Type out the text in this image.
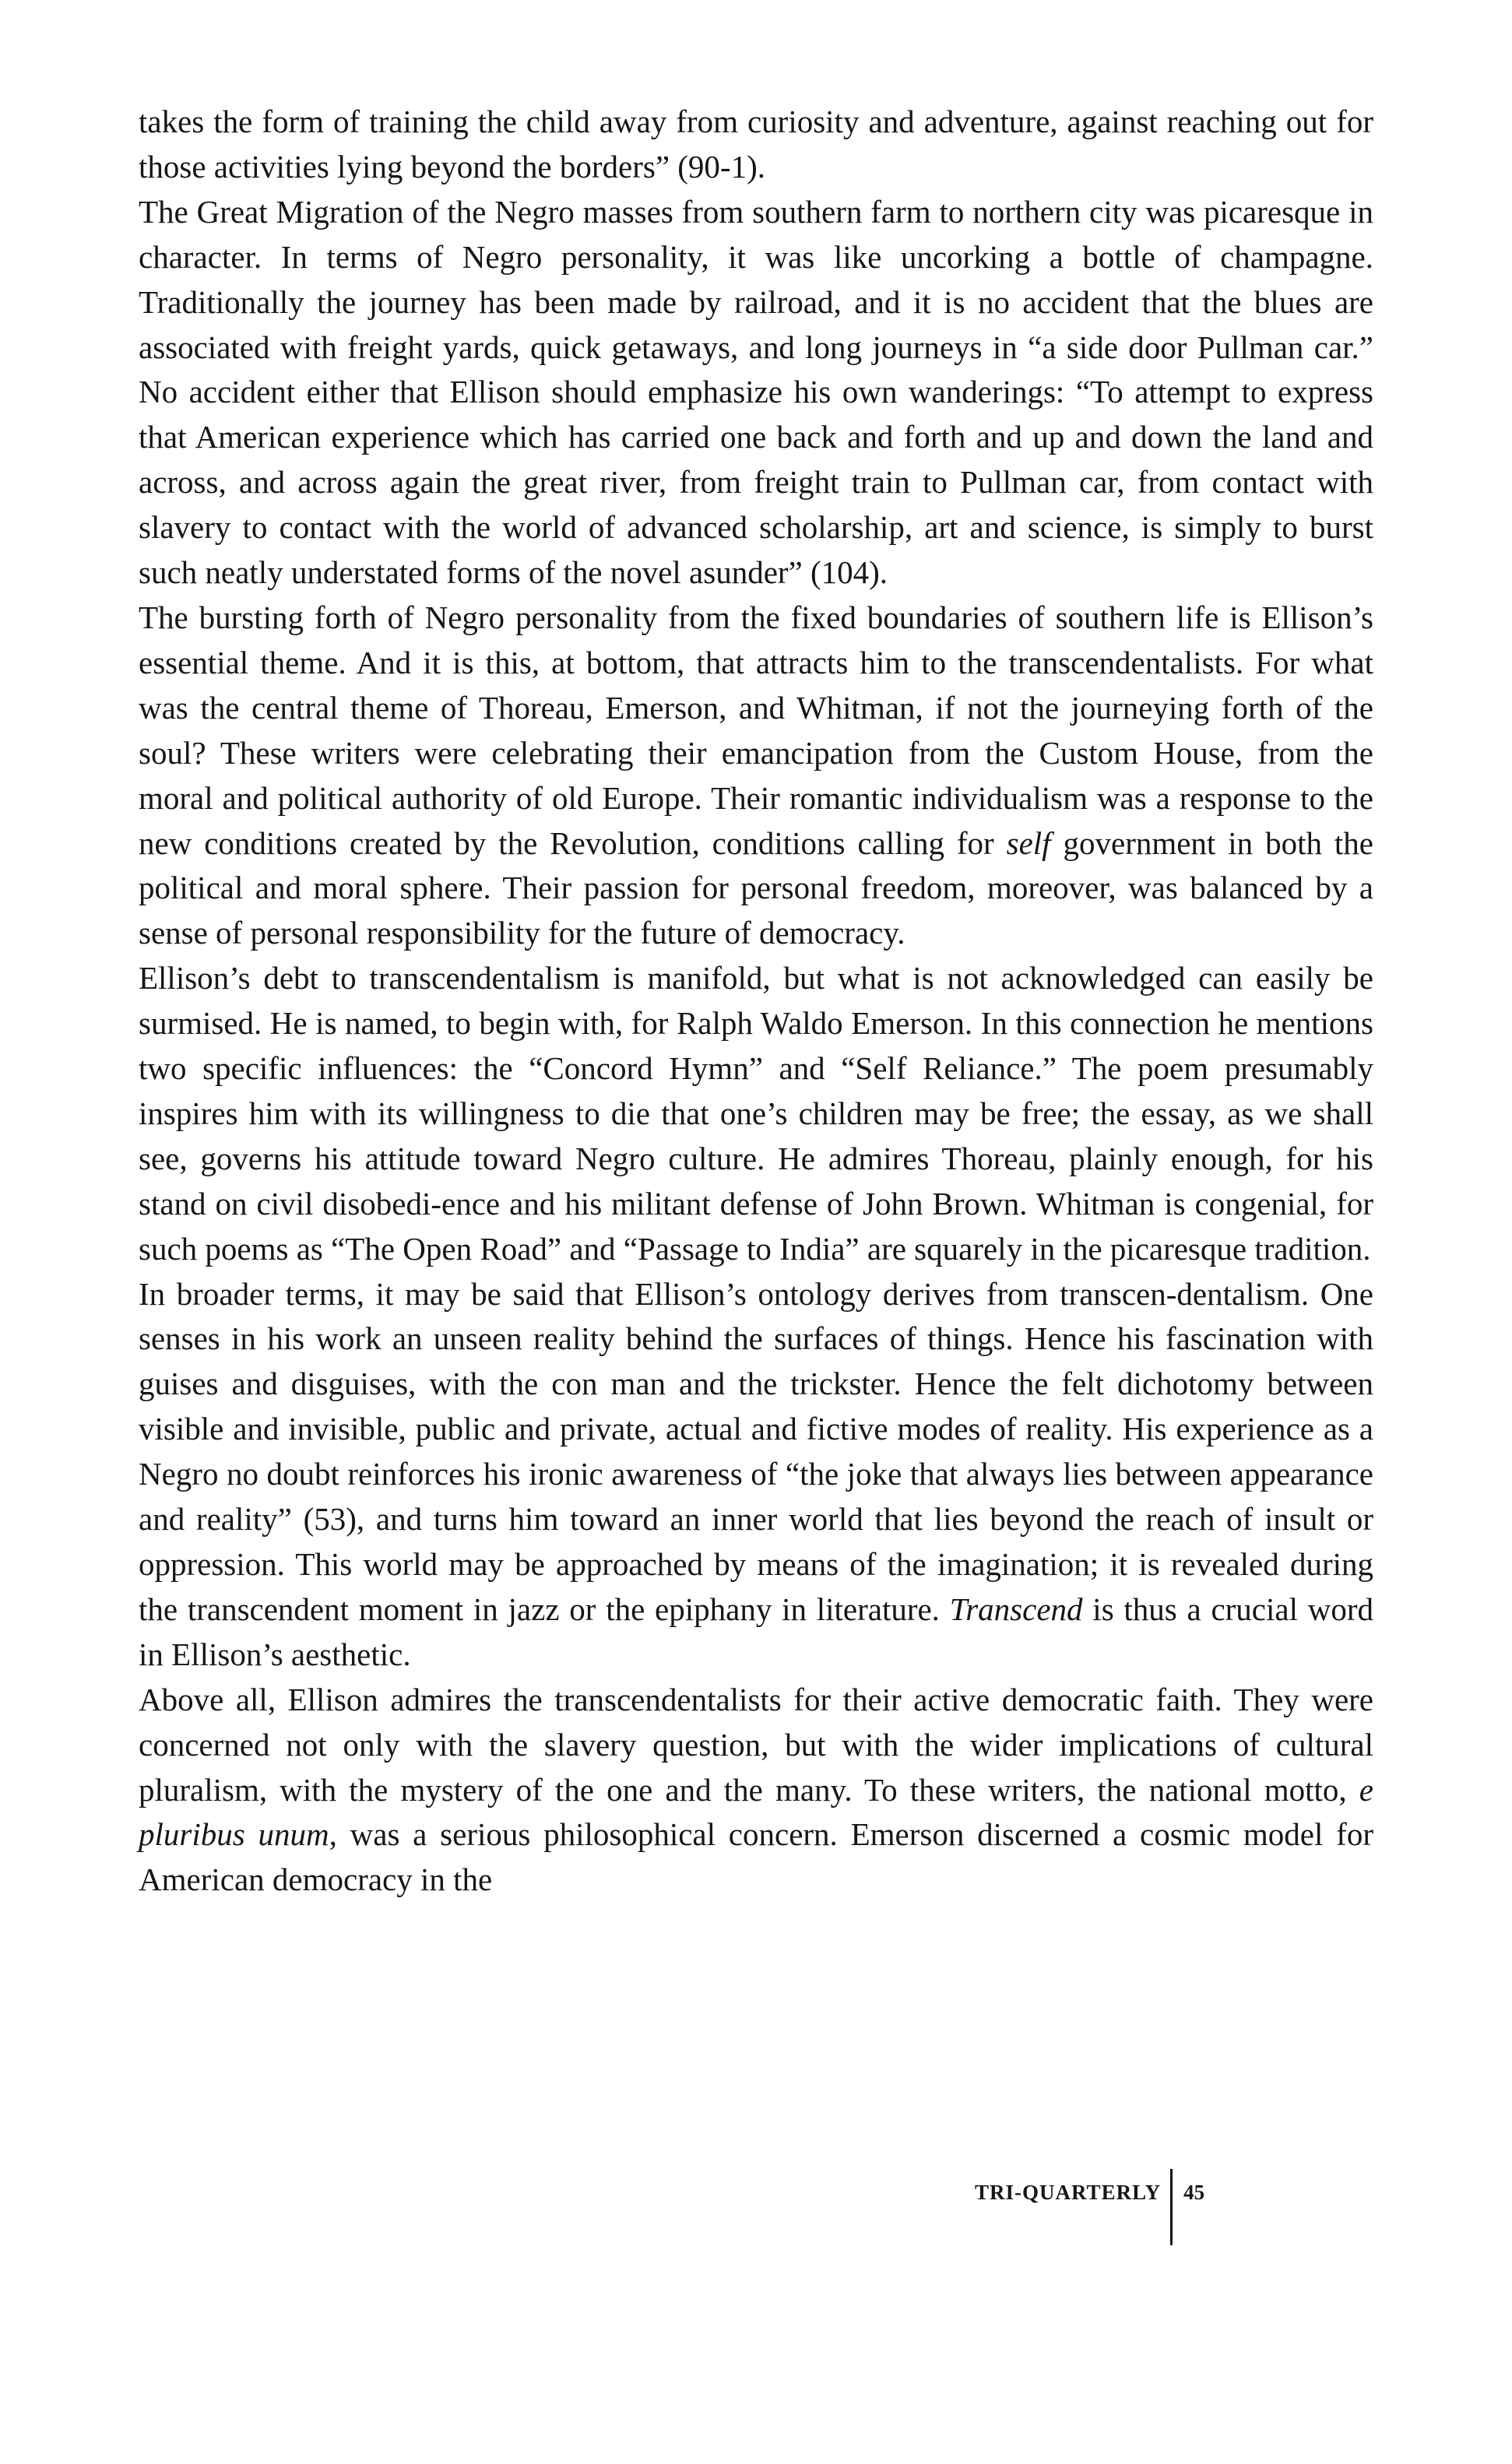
takes the form of training the child away from curiosity and adventure, against reaching out for those activities lying beyond the borders” (90-1).

The Great Migration of the Negro masses from southern farm to northern city was picaresque in character. In terms of Negro personality, it was like uncorking a bottle of champagne. Traditionally the journey has been made by railroad, and it is no accident that the blues are associated with freight yards, quick getaways, and long journeys in “a side door Pullman car.” No accident either that Ellison should emphasize his own wanderings: “To attempt to express that American experience which has carried one back and forth and up and down the land and across, and across again the great river, from freight train to Pullman car, from contact with slavery to contact with the world of advanced scholarship, art and science, is simply to burst such neatly understated forms of the novel asunder” (104).

The bursting forth of Negro personality from the fixed boundaries of southern life is Ellison’s essential theme. And it is this, at bottom, that attracts him to the transcendentalists. For what was the central theme of Thoreau, Emerson, and Whitman, if not the journeying forth of the soul? These writers were celebrating their emancipation from the Custom House, from the moral and political authority of old Europe. Their romantic individualism was a response to the new conditions created by the Revolution, conditions calling for self government in both the political and moral sphere. Their passion for personal freedom, moreover, was balanced by a sense of personal responsibility for the future of democracy.

Ellison’s debt to transcendentalism is manifold, but what is not acknowledged can easily be surmised. He is named, to begin with, for Ralph Waldo Emerson. In this connection he mentions two specific influences: the “Concord Hymn” and “Self Reliance.” The poem presumably inspires him with its willingness to die that one’s children may be free; the essay, as we shall see, governs his attitude toward Negro culture. He admires Thoreau, plainly enough, for his stand on civil disobedi-ence and his militant defense of John Brown. Whitman is congenial, for such poems as “The Open Road” and “Passage to India” are squarely in the picaresque tradition.

In broader terms, it may be said that Ellison’s ontology derives from transcen-dentalism. One senses in his work an unseen reality behind the surfaces of things. Hence his fascination with guises and disguises, with the con man and the trickster. Hence the felt dichotomy between visible and invisible, public and private, actual and fictive modes of reality. His experience as a Negro no doubt reinforces his ironic awareness of “the joke that always lies between appearance and reality” (53), and turns him toward an inner world that lies beyond the reach of insult or oppression. This world may be approached by means of the imagination; it is revealed during the transcendent moment in jazz or the epiphany in literature. Transcend is thus a crucial word in Ellison’s aesthetic.

Above all, Ellison admires the transcendentalists for their active democratic faith. They were concerned not only with the slavery question, but with the wider implications of cultural pluralism, with the mystery of the one and the many. To these writers, the national motto, e pluribus unum, was a serious philosophical concern. Emerson discerned a cosmic model for American democracy in the

TRI-QUARTERLY 45
